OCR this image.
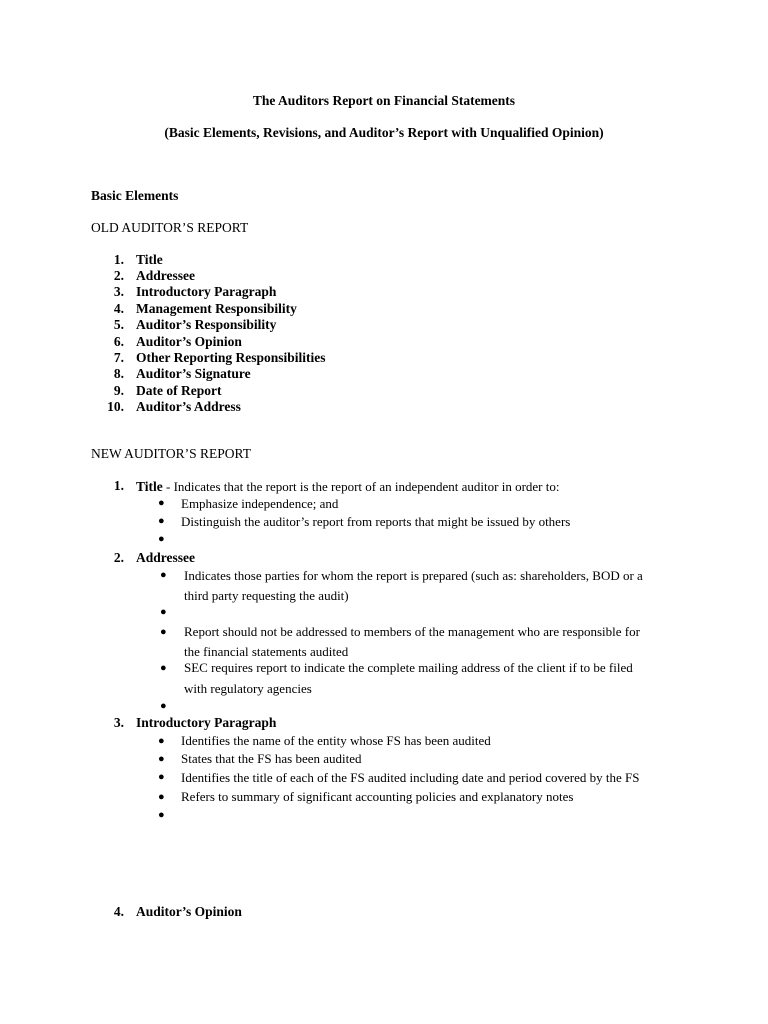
The Auditors Report on Financial Statements
(Basic Elements, Revisions, and Auditor’s Report with Unqualified Opinion)
Basic Elements
OLD AUDITOR’S REPORT
1. Title
2. Addressee
3. Introductory Paragraph
4. Management Responsibility
5. Auditor’s Responsibility
6. Auditor’s Opinion
7. Other Reporting Responsibilities
8. Auditor’s Signature
9. Date of Report
10. Auditor’s Address
NEW AUDITOR’S REPORT
1. Title - Indicates that the report is the report of an independent auditor in order to:
● Emphasize independence; and
● Distinguish the auditor’s report from reports that might be issued by others
●
2. Addressee
● Indicates those parties for whom the report is prepared (such as: shareholders, BOD or a
third party requesting the audit)
●
● Report should not be addressed to members of the management who are responsible for
the financial statements audited
● SEC requires report to indicate the complete mailing address of the client if to be filed
with regulatory agencies
●
3. Introductory Paragraph
● Identifies the name of the entity whose FS has been audited
● States that the FS has been audited
● Identifies the title of each of the FS audited including date and period covered by the FS
● Refers to summary of significant accounting policies and explanatory notes
●
4. Auditor’s Opinion
